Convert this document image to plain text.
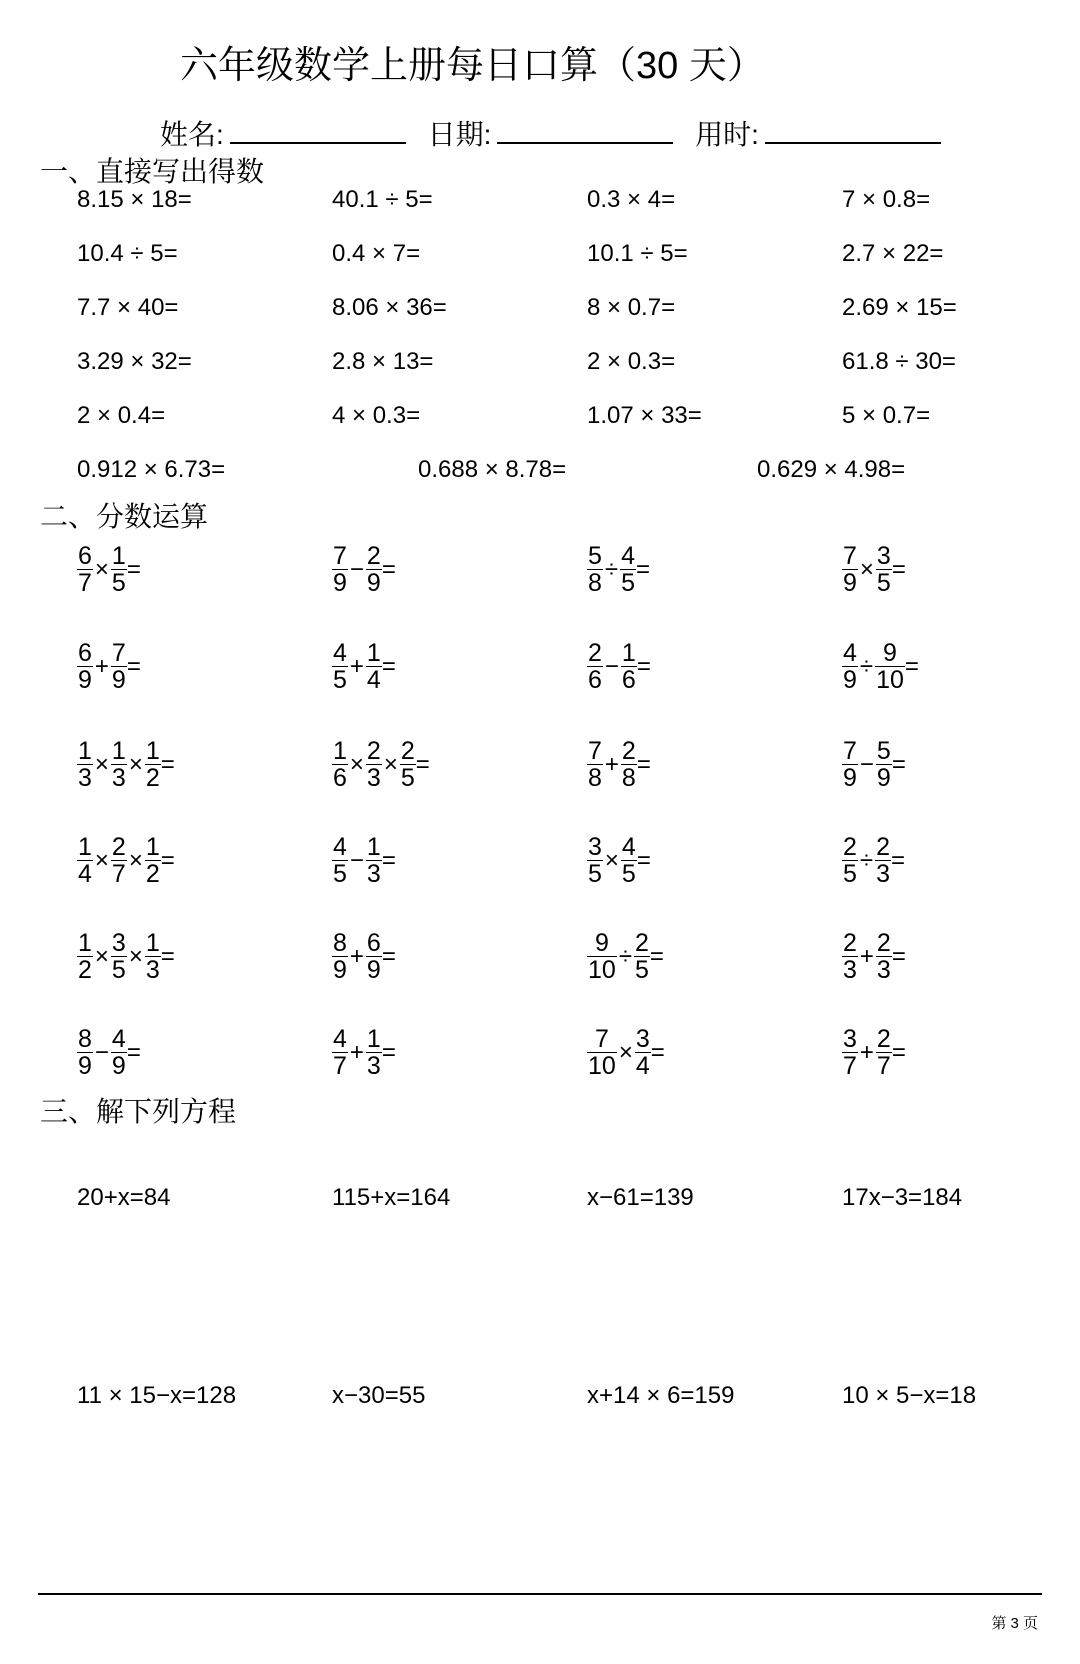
六年级数学上册每日口算（30 天）
姓名:	日期:	用时:
一、直接写出得数
8.15 × 18=	40.1 ÷ 5=	0.3 × 4=	7 × 0.8=
10.4 ÷ 5=	0.4 × 7=	10.1 ÷ 5=	2.7 × 22=
7.7 × 40=	8.06 × 36=	8 × 0.7=	2.69 × 15=
3.29 × 32=	2.8 × 13=	2 × 0.3=	61.8 ÷ 30=
2 × 0.4=	4 × 0.3=	1.07 × 33=	5 × 0.7=
0.912 × 6.73=	0.688 × 8.78=	0.629 × 4.98=
二、分数运算
$\frac{6}{7} \times \frac{1}{5}$ =	$\frac{7}{9} - \frac{2}{9}$ =	$\frac{5}{8} \div \frac{4}{5}$ =	$\frac{7}{9} \times \frac{3}{5}$ =
$\frac{6}{9} + \frac{7}{9}$ =	$\frac{4}{5} + \frac{1}{4}$ =	$\frac{2}{6} - \frac{1}{6}$ =	$\frac{4}{9} \div \frac{9}{10}$ =
$\frac{1}{3} \times \frac{1}{3} \times \frac{1}{2}$ =	$\frac{1}{6} \times \frac{2}{3} \times \frac{2}{5}$ =	$\frac{7}{8} + \frac{2}{8}$ =	$\frac{7}{9} - \frac{5}{9}$ =
$\frac{1}{4} \times \frac{2}{7} \times \frac{1}{2}$ =	$\frac{4}{5} - \frac{1}{3}$ =	$\frac{3}{5} \times \frac{4}{5}$ =	$\frac{2}{5} \div \frac{2}{3}$ =
$\frac{1}{2} \times \frac{3}{5} \times \frac{1}{3}$ =	$\frac{8}{9} + \frac{6}{9}$ =	$\frac{9}{10} \div \frac{2}{5}$ =	$\frac{2}{3} + \frac{2}{3}$ =
$\frac{8}{9} - \frac{4}{9}$ =	$\frac{4}{7} + \frac{1}{3}$ =	$\frac{7}{10} \times \frac{3}{4}$ =	$\frac{3}{7} + \frac{2}{7}$ =
三、解下列方程
20+x=84	115+x=164	x−61=139	17x−3=184
11 × 15−x=128	x−30=55	x+14 × 6=159	10 × 5−x=18
第 3 页
